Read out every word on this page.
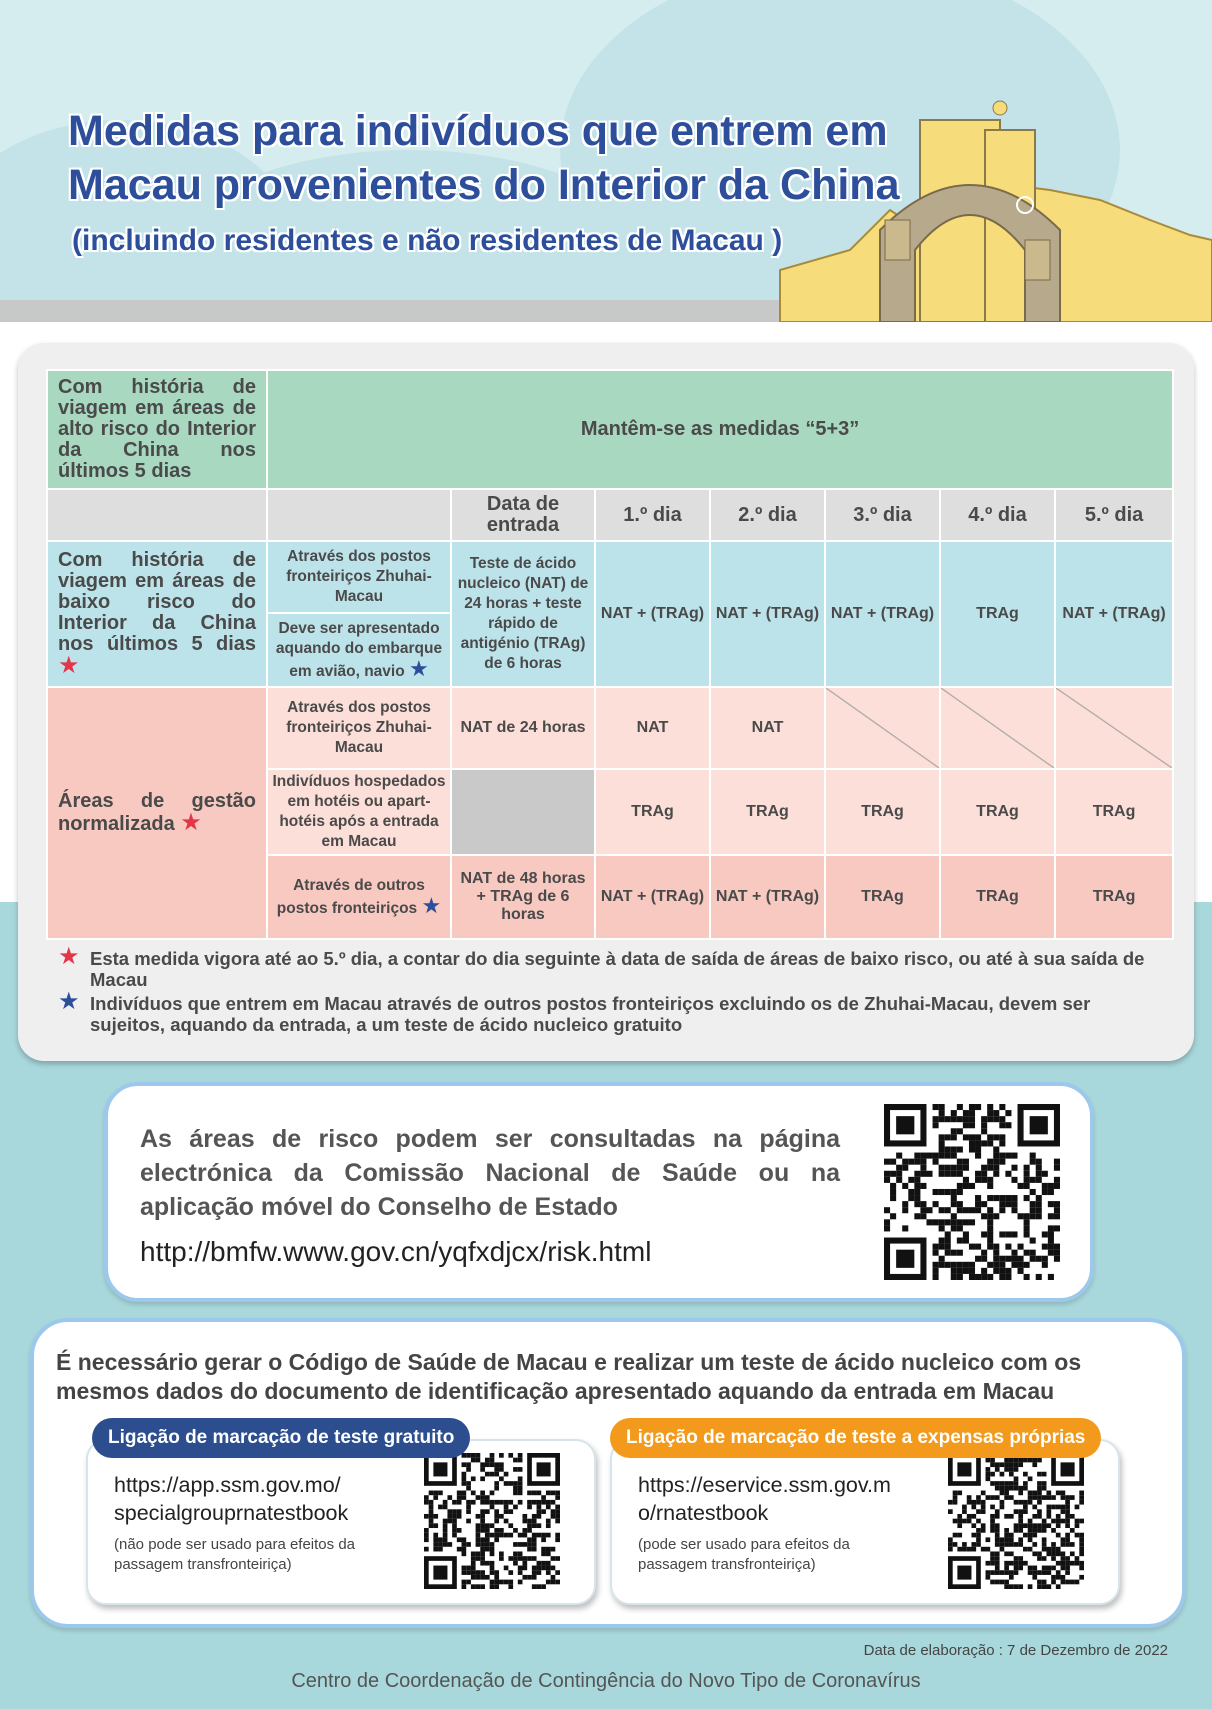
Medidas para indivíduos que entrem em
Macau provenientes do Interior da China
(incluindo residentes e não residentes de Macau )
Com história de viagem em áreas de alto risco do Interior da China nos últimos 5 dias	Mantêm-se as medidas “5+3”						
		Data de entrada	1.º dia	2.º dia	3.º dia	4.º dia	5.º dia
Com história de viagem em áreas de baixo risco do Interior da China nos últimos 5 dias ★	Através dos postos fronteiriços Zhuhai-Macau	Teste de ácido nucleico (NAT) de 24 horas + teste rápido de antigénio (TRAg) de 6 horas	NAT + (TRAg)	NAT + (TRAg)	NAT + (TRAg)	TRAg	NAT + (TRAg)
	Deve ser apresentado aquando do embarque em avião, navio ★						
Áreas de gestão normalizada ★	Através dos postos fronteiriços Zhuhai-Macau	NAT de 24 horas	NAT	NAT			
	Indivíduos hospedados em hotéis ou apart-hotéis após a entrada em Macau		TRAg	TRAg	TRAg	TRAg	TRAg
	Através de outros postos fronteiriços ★	NAT de 48 horas + TRAg de 6 horas	NAT + (TRAg)	NAT + (TRAg)	TRAg	TRAg	TRAg
★ Esta medida vigora até ao 5.º dia, a contar do dia seguinte à data de saída de áreas de baixo risco, ou até à sua saída de Macau
★ Indivíduos que entrem em Macau através de outros postos fronteiriços excluindo os de Zhuhai-Macau, devem ser sujeitos, aquando da entrada, a um teste de ácido nucleico gratuito
As áreas de risco podem ser consultadas na página electrónica da Comissão Nacional de Saúde ou na aplicação móvel do Conselho de Estado
http://bmfw.www.gov.cn/yqfxdjcx/risk.html
É necessário gerar o Código de Saúde de Macau e realizar um teste de ácido nucleico com os mesmos dados do documento de identificação apresentado aquando da entrada em Macau
https://app.ssm.gov.mo/
specialgrouprnatestbook
(não pode ser usado para efeitos da passagem transfronteiriça)
Ligação de marcação de teste gratuito
https://eservice.ssm.gov.m
o/rnatestbook
(pode ser usado para efeitos da passagem transfronteiriça)
Ligação de marcação de teste a expensas próprias
Data de elaboração : 7 de Dezembro de 2022
Centro de Coordenação de Contingência do Novo Tipo de Coronavírus
